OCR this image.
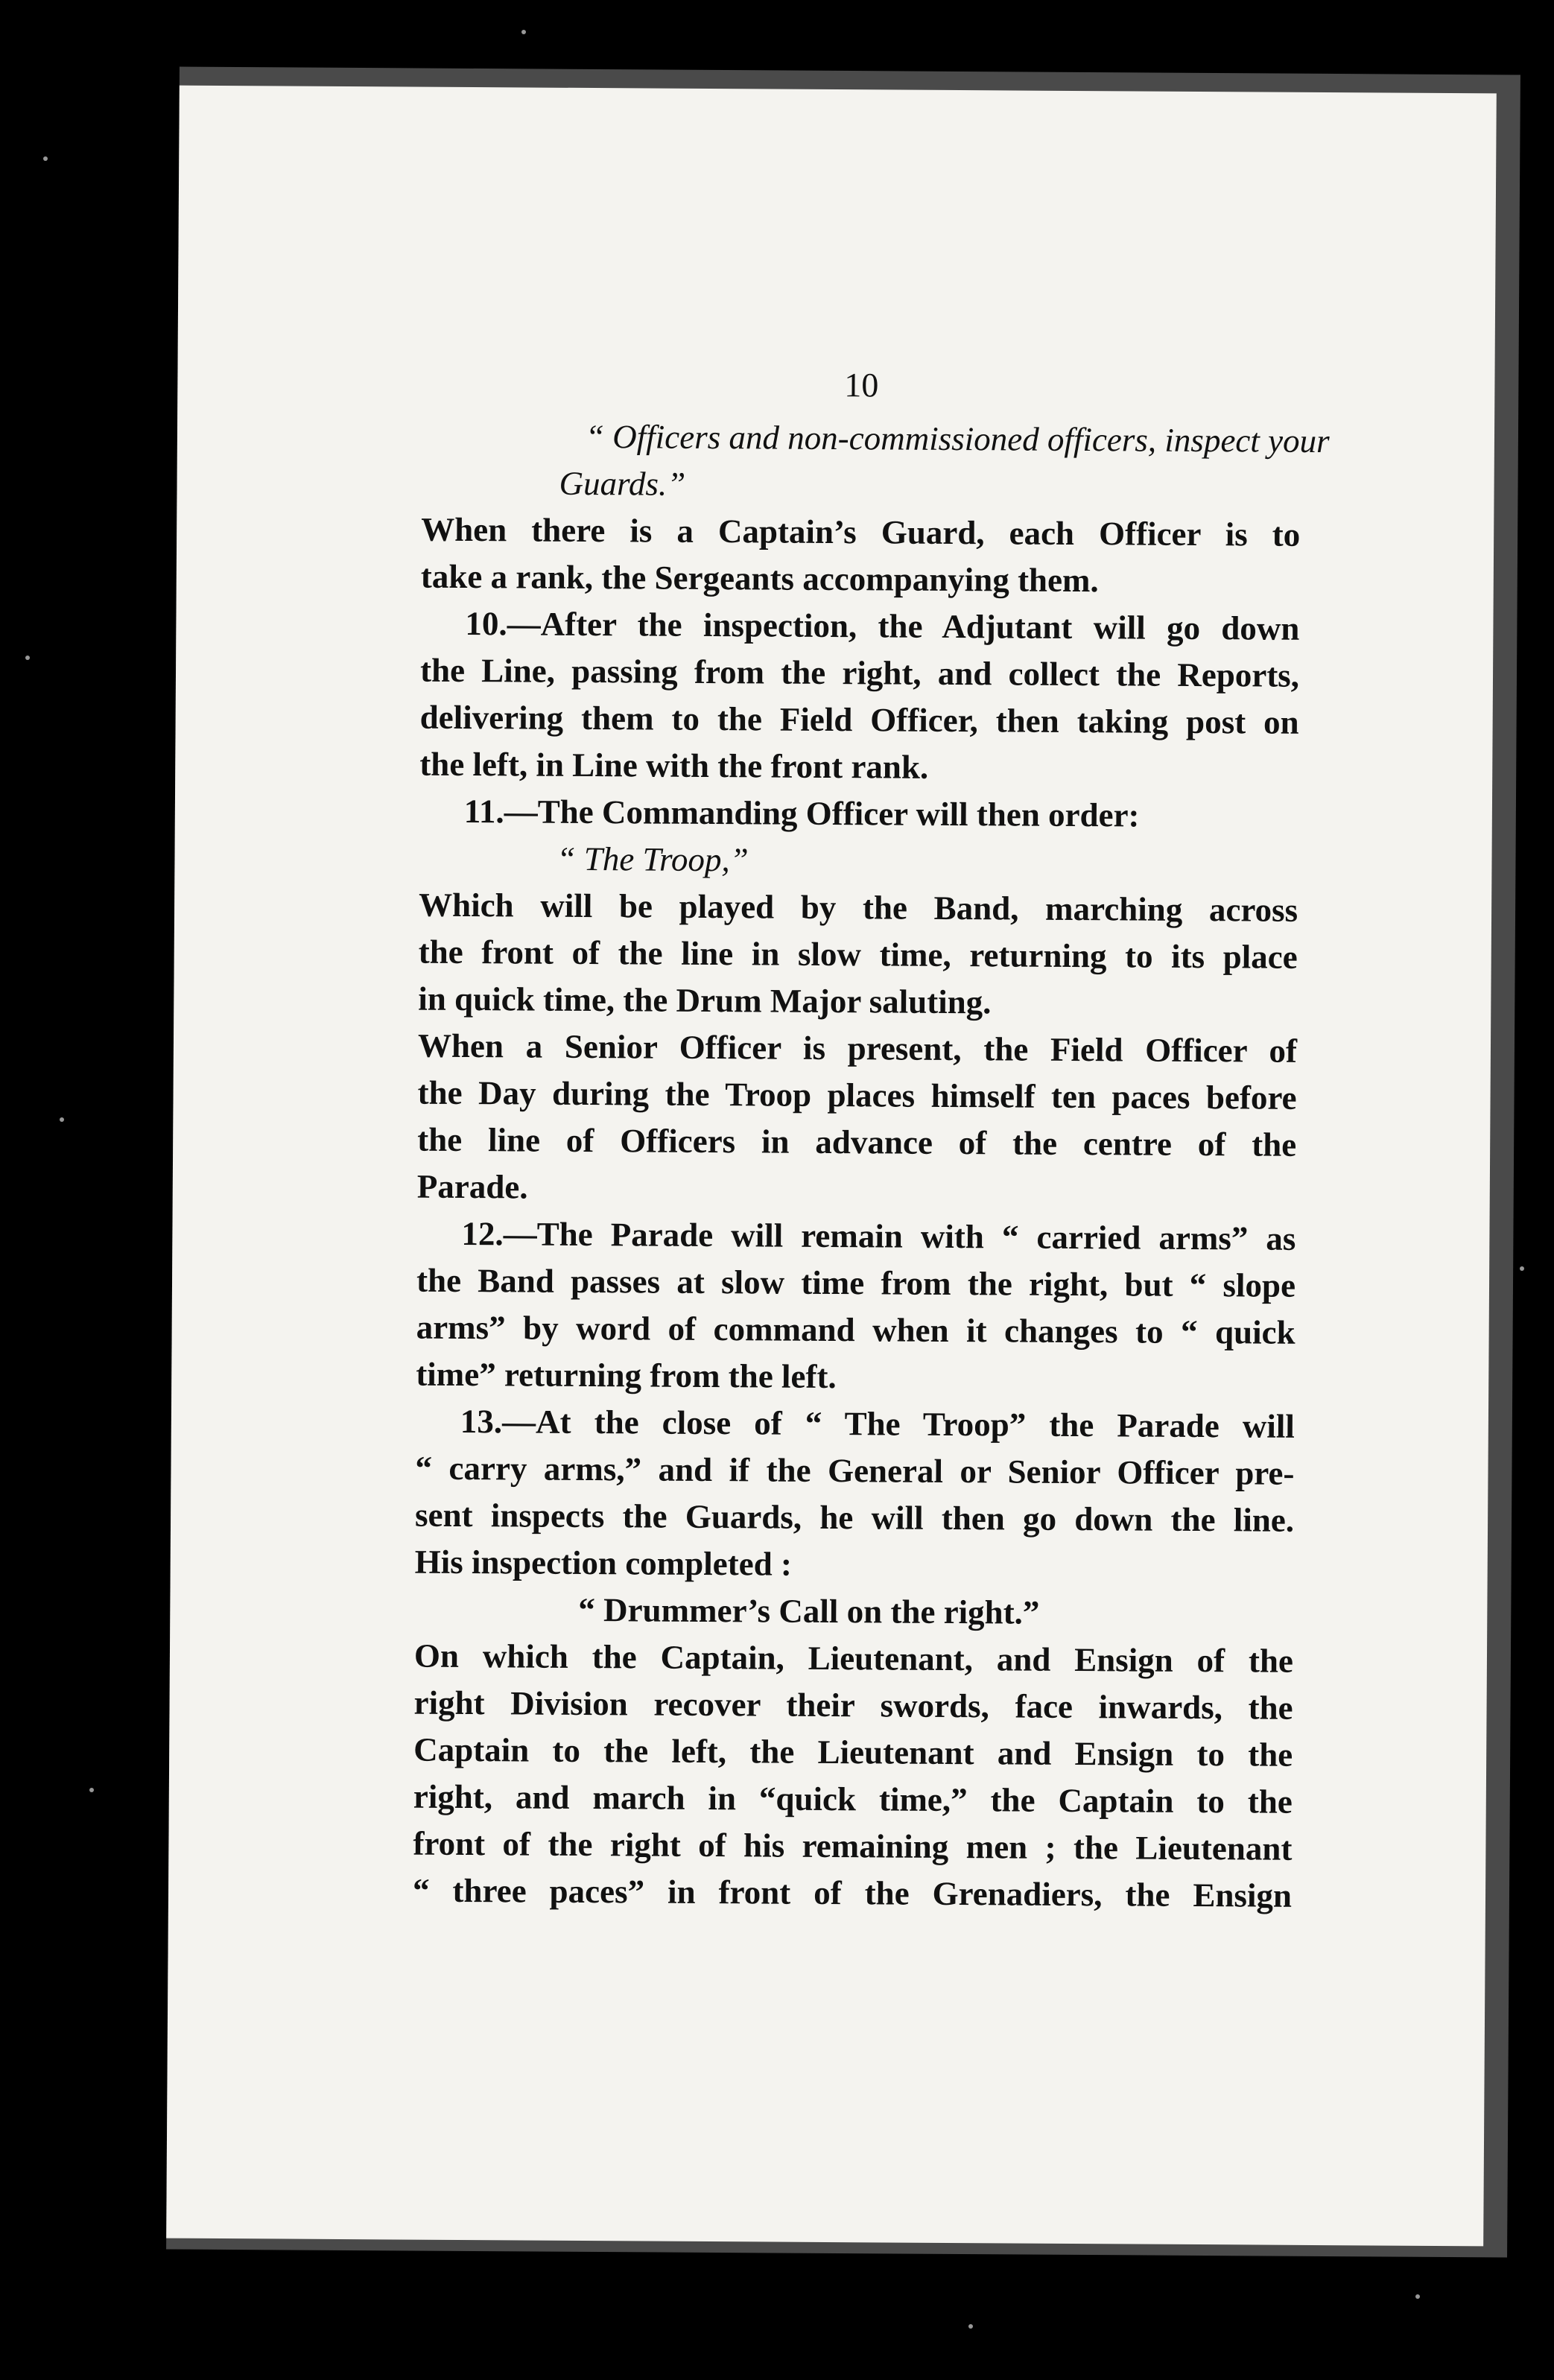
10

“ Officers and non-commissioned officers, inspect your

Guards.”

When there is a Captain’s Guard, each Officer is to

take a rank, the Sergeants accompanying them.

10.—After the inspection, the Adjutant will go down

the Line, passing from the right, and collect the Reports,

delivering them to the Field Officer, then taking post on

the left, in Line with the front rank.

11.—The Commanding Officer will then order:

“ The Troop,”

Which will be played by the Band, marching across

the front of the line in slow time, returning to its place

in quick time, the Drum Major saluting.

When a Senior Officer is present, the Field Officer of

the Day during the Troop places himself ten paces before

the line of Officers in advance of the centre of the

Parade.

12.—The Parade will remain with “ carried arms” as

the Band passes at slow time from the right, but “ slope

arms” by word of command when it changes to “ quick

time” returning from the left.

13.—At the close of “ The Troop” the Parade will

“ carry arms,” and if the General or Senior Officer pre-

sent inspects the Guards, he will then go down the line.

His inspection completed :

“ Drummer’s Call on the right.”

On which the Captain, Lieutenant, and Ensign of the

right Division recover their swords, face inwards, the

Captain to the left, the Lieutenant and Ensign to the

right, and march in “quick time,” the Captain to the

front of the right of his remaining men ; the Lieutenant

“ three paces” in front of the Grenadiers, the Ensign
